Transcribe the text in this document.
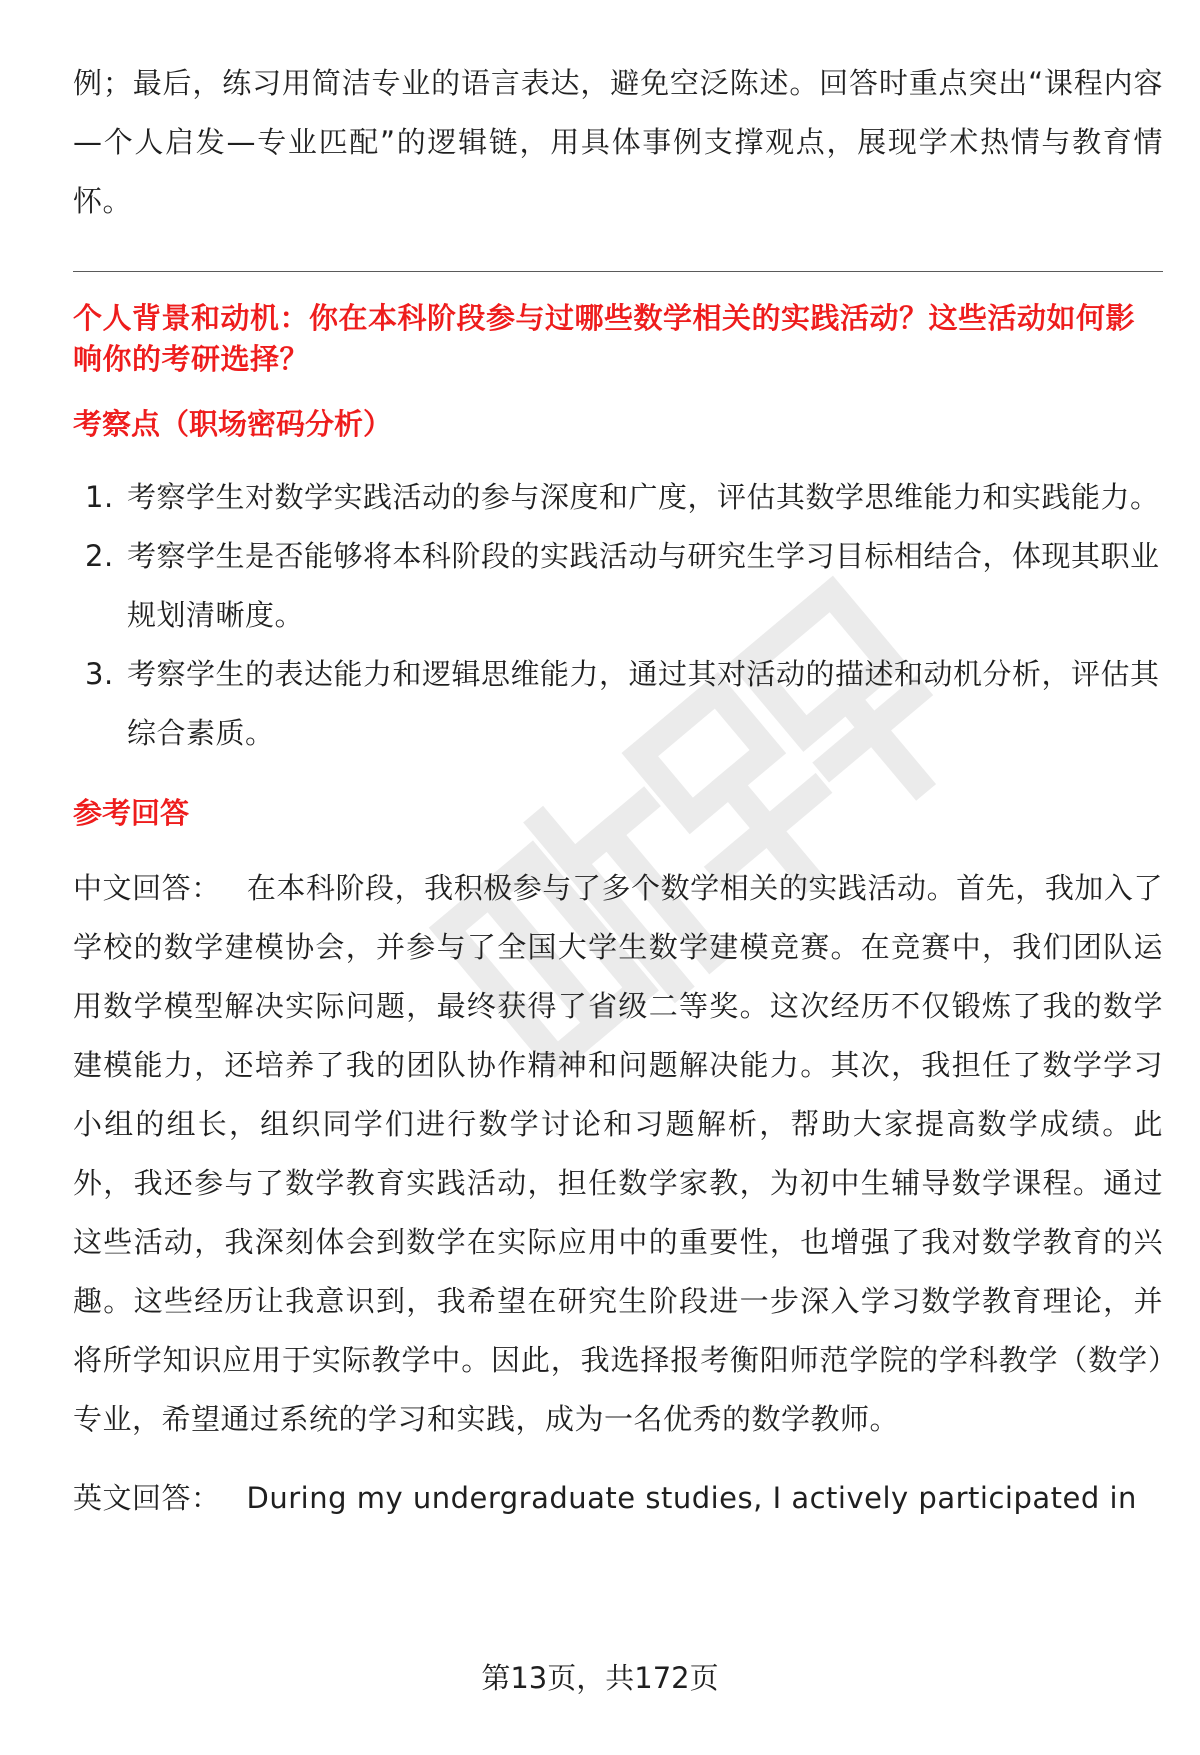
例；最后，练习用简洁专业的语言表达，避免空泛陈述。回答时重点突出“课程内容—个人启发—专业匹配”的逻辑链，用具体事例支撑观点，展现学术热情与教育情怀。

个人背景和动机：你在本科阶段参与过哪些数学相关的实践活动？这些活动如何影响你的考研选择？

考察点（职场密码分析）

1. 考察学生对数学实践活动的参与深度和广度，评估其数学思维能力和实践能力。
2. 考察学生是否能够将本科阶段的实践活动与研究生学习目标相结合，体现其职业规划清晰度。
3. 考察学生的表达能力和逻辑思维能力，通过其对活动的描述和动机分析，评估其综合素质。

参考回答

中文回答： 在本科阶段，我积极参与了多个数学相关的实践活动。首先，我加入了学校的数学建模协会，并参与了全国大学生数学建模竞赛。在竞赛中，我们团队运用数学模型解决实际问题，最终获得了省级二等奖。这次经历不仅锻炼了我的数学建模能力，还培养了我的团队协作精神和问题解决能力。其次，我担任了数学学习小组的组长，组织同学们进行数学讨论和习题解析，帮助大家提高数学成绩。此外，我还参与了数学教育实践活动，担任数学家教，为初中生辅导数学课程。通过这些活动，我深刻体会到数学在实际应用中的重要性，也增强了我对数学教育的兴趣。这些经历让我意识到，我希望在研究生阶段进一步深入学习数学教育理论，并将所学知识应用于实际教学中。因此，我选择报考衡阳师范学院的学科教学（数学）专业，希望通过系统的学习和实践，成为一名优秀的数学教师。

英文回答： During my undergraduate studies, I actively participated in

第13页，共172页
